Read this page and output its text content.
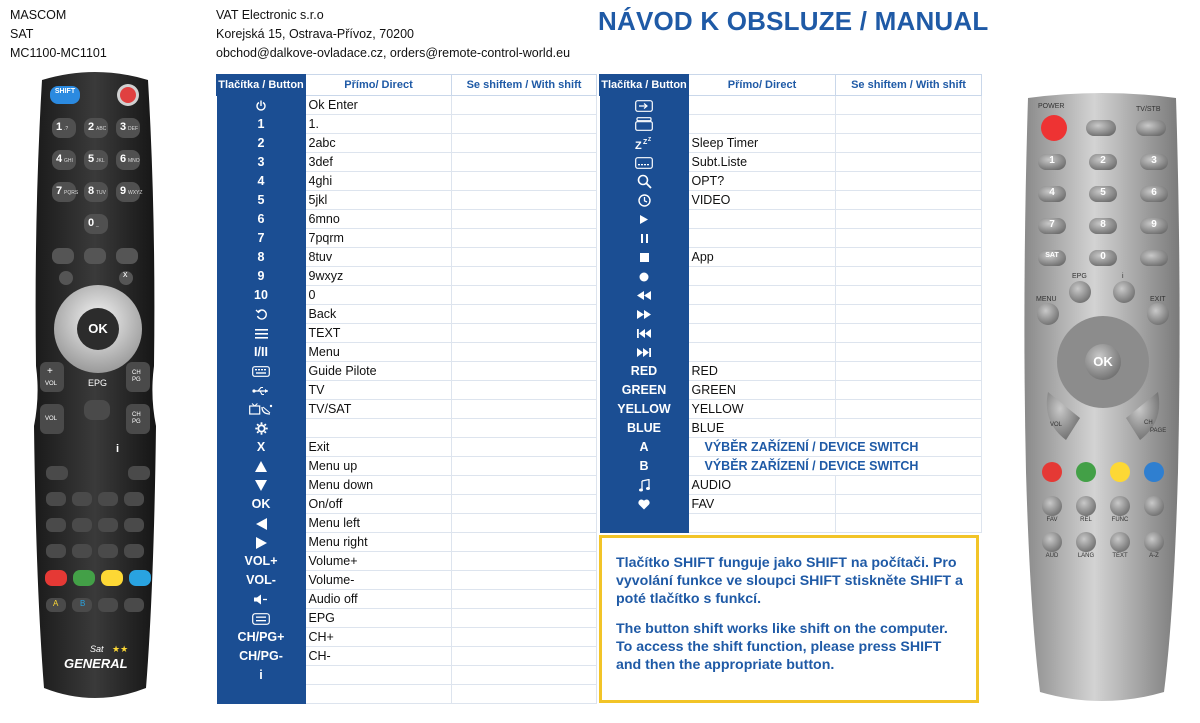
MASCOM
SAT
MC1100-MC1101
VAT Electronic s.r.o
Korejská 15, Ostrava-Přívoz, 70200
obchod@dalkove-ovladace.cz, orders@remote-control-world.eu
NÁVOD K OBSLUZE / MANUAL
Tlačítka / Button	Přímo/ Direct	Se shiftem / With shift

	Ok Enter	
1	1.	
2	2abc	
3	3def	
4	4ghi	
5	5jkl	
6	6mno	
7	7pqrm	
8	8tuv	
9	9wxyz	
10	0	

	Back	

	TEXT	
I/II	Menu	

	Guide Pilote	

	TV	

	TV/SAT	

X	Exit	

	Menu up	

	Menu down	
OK	On/off	

	Menu left	

	Menu right	
VOL+	Volume+	
VOL-	Volume-	

	Audio off	

	EPG	
CH/PG+	CH+	
CH/PG-	CH-	
i		

Tlačítka / Button	Přímo/ Direct	Se shiftem / With shift

Z Z Z	Sleep Timer	

	Subt.Liste	

	OPT?	

	VIDEO	

	App	

RED	RED	
GREEN	GREEN	
YELLOW	YELLOW	
BLUE	BLUE	
A	VÝBĚR ZAŘÍZENÍ / DEVICE SWITCH	
B	VÝBĚR ZAŘÍZENÍ / DEVICE SWITCH	

	AUDIO	

	FAV	

Tlačítko SHIFT funguje jako SHIFT na počítači. Pro vyvolání funkce ve sloupci SHIFT stiskněte SHIFT a poté tlačítko s funkcí.

The button shift works like shift on the computer. To access the shift function, please press SHIFT and then the appropriate button.

SHIFT
1 .? 2 ABC 3 DEF
4 GHI 5 JKL 6 MNO
7 PQRS 8 TUV 9 WXYZ
0 _
OK
+
VOL
VOL
EPG
CH PG
CH PG
i
x
A	B
Sat ★★
GENERAL
POWER	TV/STB
1	2	3
4	5	6
7	8	9
SAT	0
EPG	i
MENU	EXIT
OK
VOL	CH
PAGE
FAV	REL	FUNC
AUD	LANG	TEXT	A-Z
